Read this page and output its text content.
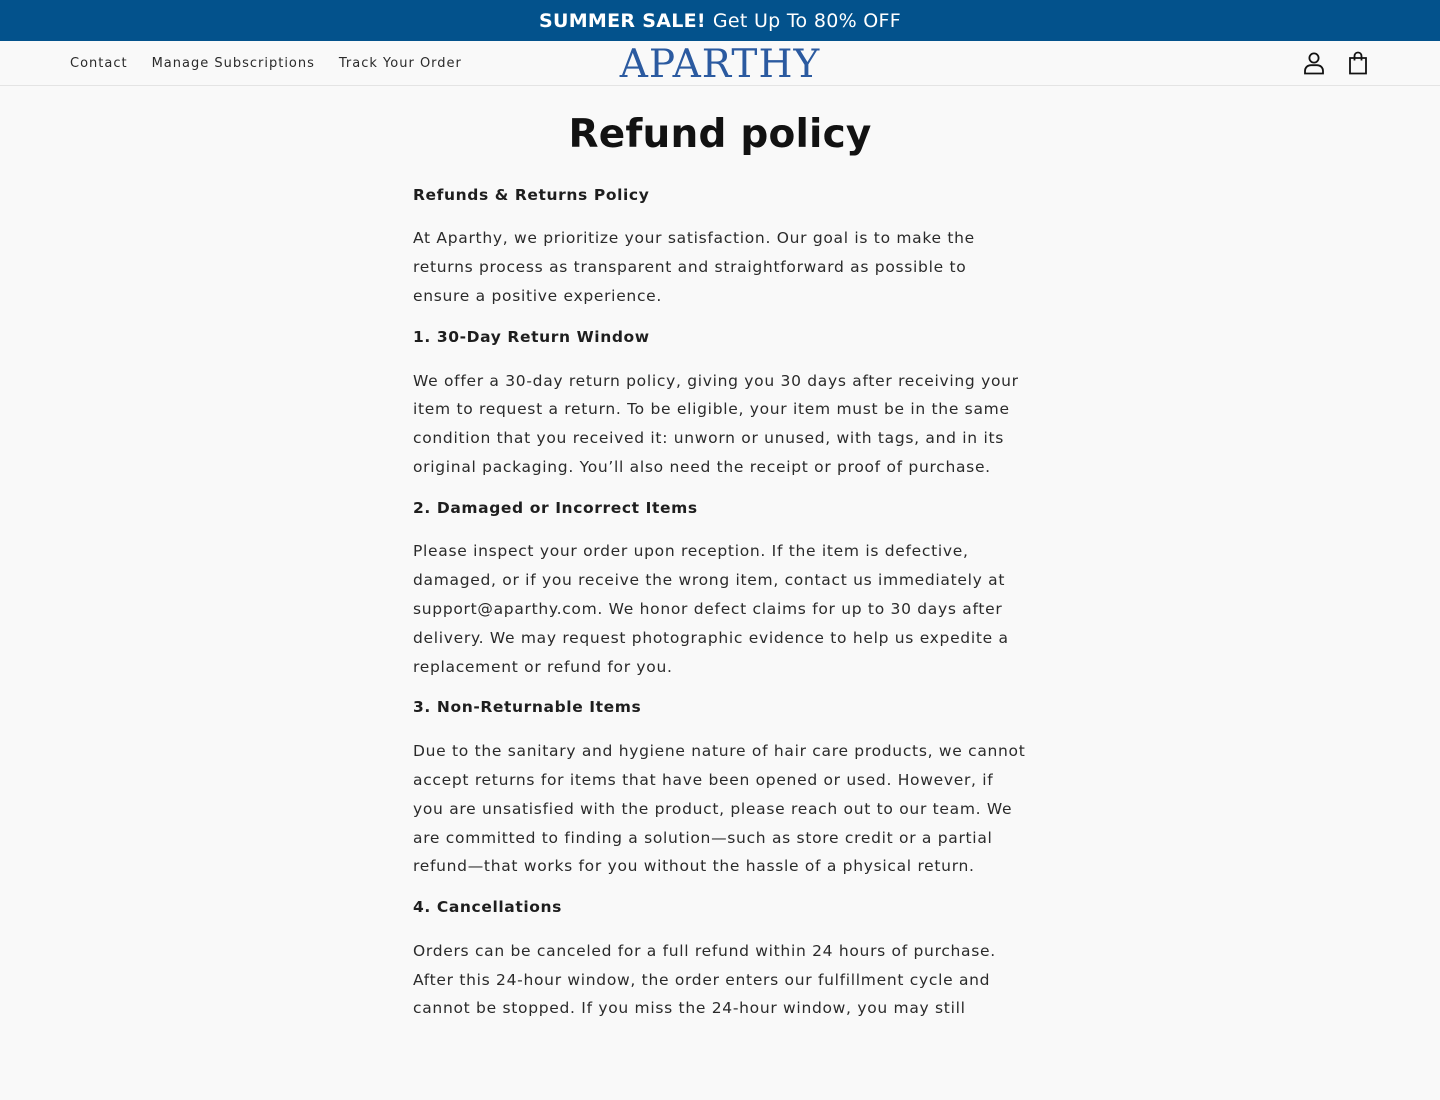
SUMMER SALE! Get Up To 80% OFF
Contact Manage Subscriptions Track Your Order	APARTHY
Refund policy
Refunds & Returns Policy

At Aparthy, we prioritize your satisfaction. Our goal is to make the returns process as transparent and straightforward as possible to ensure a positive experience.

1. 30-Day Return Window

We offer a 30-day return policy, giving you 30 days after receiving your item to request a return. To be eligible, your item must be in the same condition that you received it: unworn or unused, with tags, and in its original packaging. You’ll also need the receipt or proof of purchase.

2. Damaged or Incorrect Items

Please inspect your order upon reception. If the item is defective, damaged, or if you receive the wrong item, contact us immediately at support@aparthy.com. We honor defect claims for up to 30 days after delivery. We may request photographic evidence to help us expedite a replacement or refund for you.

3. Non-Returnable Items

Due to the sanitary and hygiene nature of hair care products, we cannot accept returns for items that have been opened or used. However, if you are unsatisfied with the product, please reach out to our team. We are committed to finding a solution—such as store credit or a partial refund—that works for you without the hassle of a physical return.

4. Cancellations

Orders can be canceled for a full refund within 24 hours of purchase. After this 24-hour window, the order enters our fulfillment cycle and cannot be stopped. If you miss the 24-hour window, you may still
